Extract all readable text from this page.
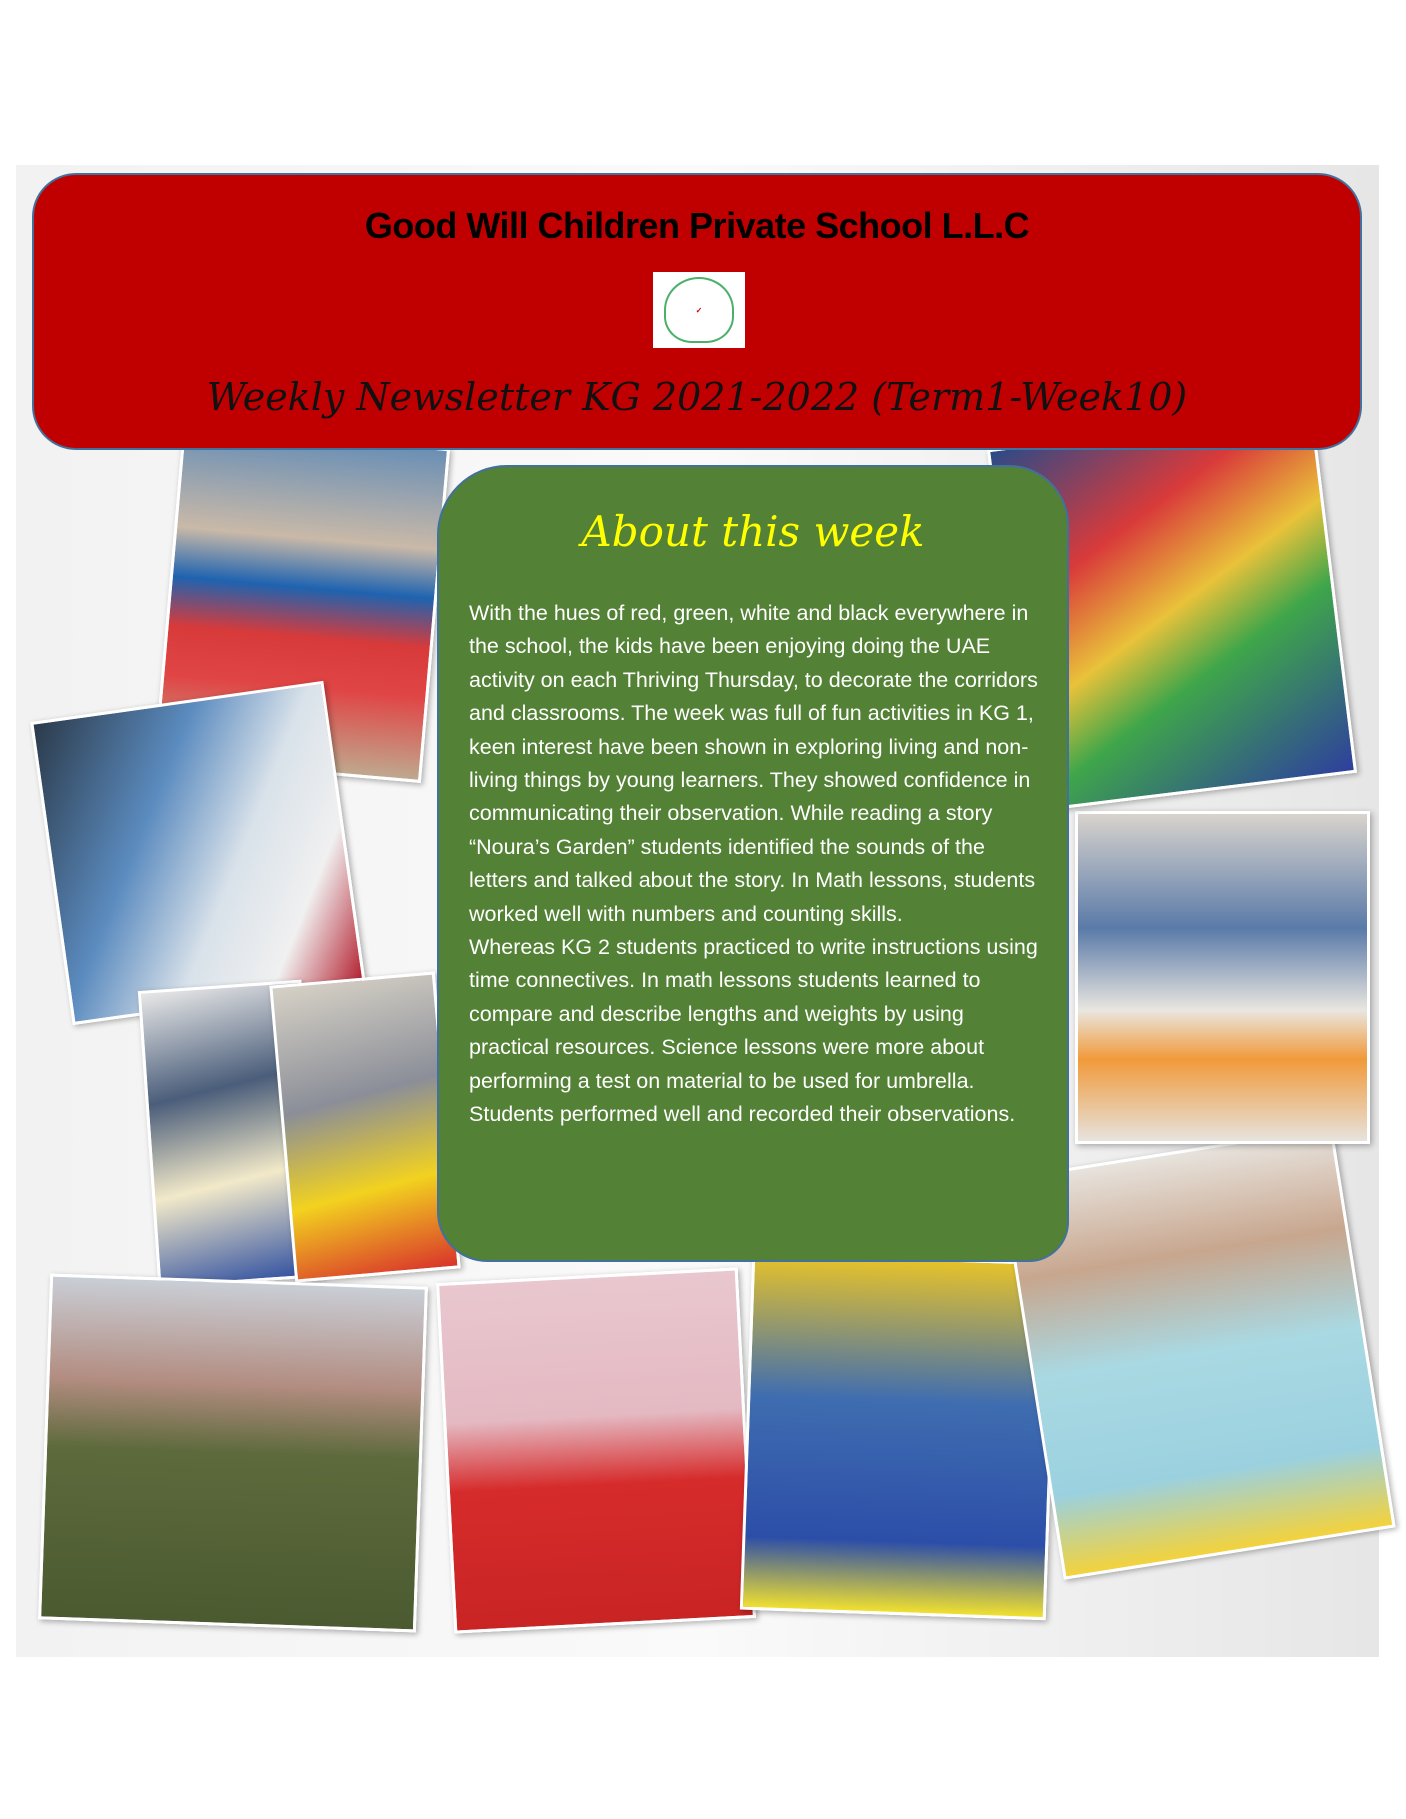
Good Will Children Private School L.L.C
✓
Weekly Newsletter KG 2021-2022 (Term1-Week10)
About this week

With the hues of red, green, white and black everywhere in the school, the kids have been enjoying doing the UAE activity on each Thriving Thursday, to decorate the corridors and classrooms. The week was full of fun activities in KG 1, keen interest have been shown in exploring living and non-living things by young learners. They showed confidence in communicating their observation. While reading a story “Noura’s Garden” students identified the sounds of the letters and talked about the story. In Math lessons, students worked well with numbers and counting skills.

Whereas KG 2 students practiced to write instructions using time connectives. In math lessons students learned to compare and describe lengths and weights by using practical resources. Science lessons were more about performing a test on material to be used for umbrella. Students performed well and recorded their observations.
